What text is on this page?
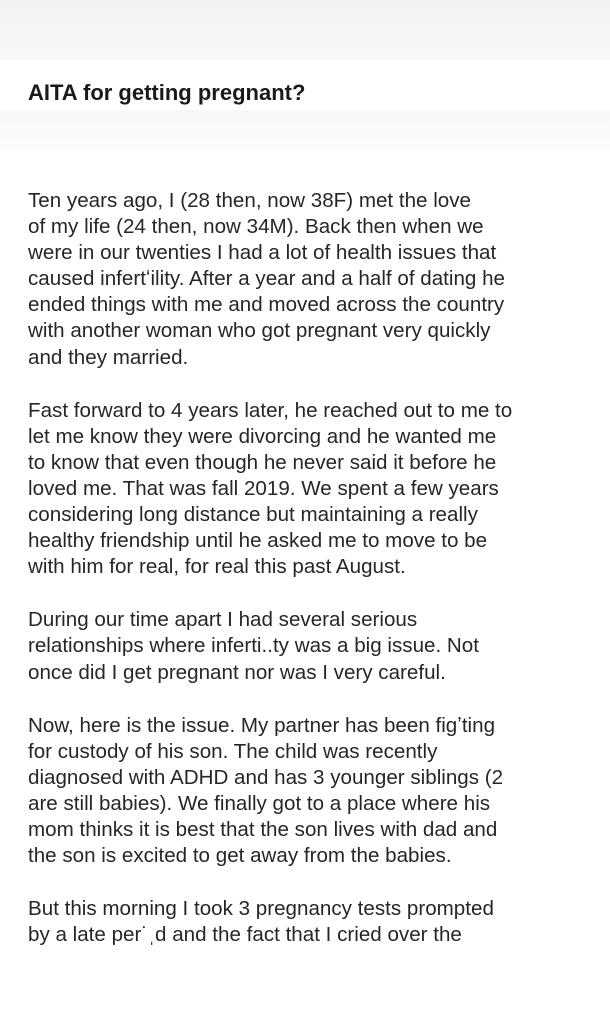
AITA for getting pregnant?

Ten years ago, I (28 then, now 38F) met the love
of my life (24 then, now 34M). Back then when we
were in our twenties I had a lot of health issues that
caused infertʻility. After a year and a half of dating he
ended things with me and moved across the country
with another woman who got pregnant very quickly
and they married.

Fast forward to 4 years later, he reached out to me to
let me know they were divorcing and he wanted me
to know that even though he never said it before he
loved me. That was fall 2019. We spent a few years
considering long distance but maintaining a really
healthy friendship until he asked me to move to be
with him for real, for real this past August.

During our time apart I had several serious
relationships where inferti..ty was a big issue. Not
once did I get pregnant nor was I very careful.

Now, here is the issue. My partner has been figʼting
for custody of his son. The child was recently
diagnosed with ADHD and has 3 younger siblings (2
are still babies). We finally got to a place where his
mom thinks it is best that the son lives with dad and
the son is excited to get away from the babies.

But this morning I took 3 pregnancy tests prompted
by a late per˙ˌd and the fact that I cried over the
